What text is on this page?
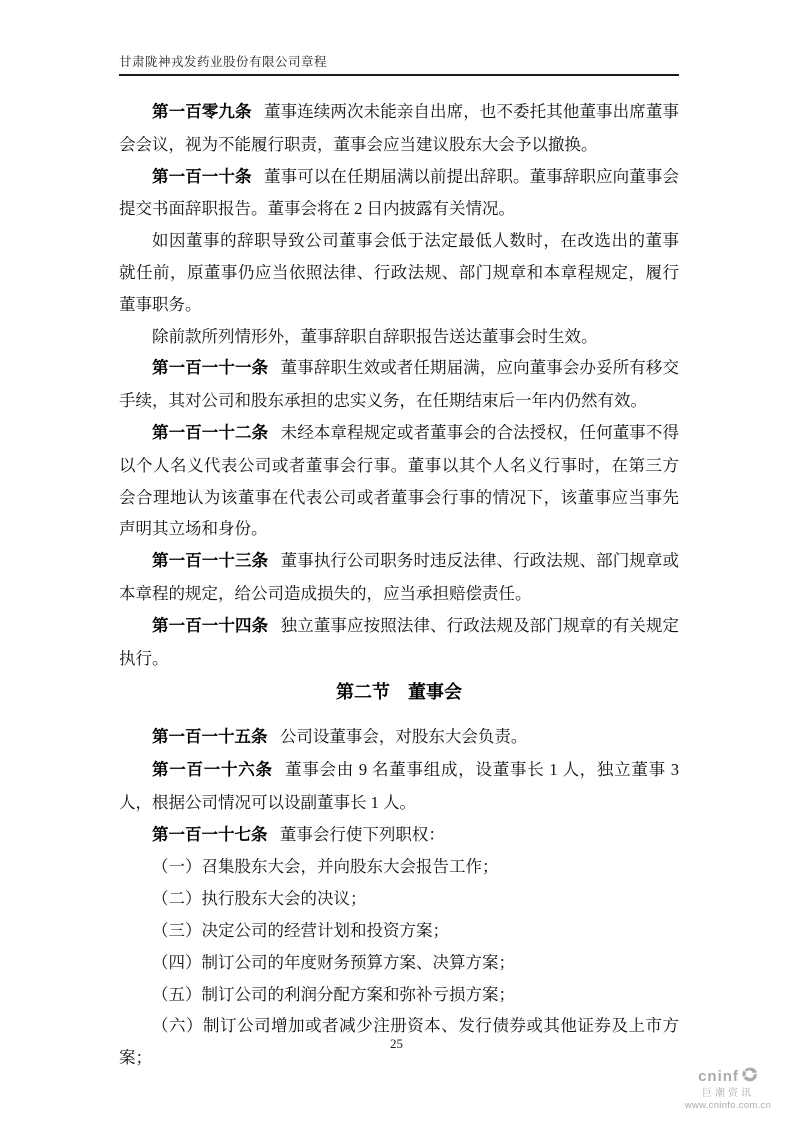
甘肃陇神戎发药业股份有限公司章程

第一百零九条 董事连续两次未能亲自出席，也不委托其他董事出席董事会会议，视为不能履行职责，董事会应当建议股东大会予以撤换。

第一百一十条 董事可以在任期届满以前提出辞职。董事辞职应向董事会提交书面辞职报告。董事会将在 2 日内披露有关情况。

如因董事的辞职导致公司董事会低于法定最低人数时，在改选出的董事就任前，原董事仍应当依照法律、行政法规、部门规章和本章程规定，履行董事职务。

除前款所列情形外，董事辞职自辞职报告送达董事会时生效。

第一百一十一条 董事辞职生效或者任期届满，应向董事会办妥所有移交手续，其对公司和股东承担的忠实义务，在任期结束后一年内仍然有效。

第一百一十二条 未经本章程规定或者董事会的合法授权，任何董事不得以个人名义代表公司或者董事会行事。董事以其个人名义行事时，在第三方会合理地认为该董事在代表公司或者董事会行事的情况下，该董事应当事先声明其立场和身份。

第一百一十三条 董事执行公司职务时违反法律、行政法规、部门规章或本章程的规定，给公司造成损失的，应当承担赔偿责任。

第一百一十四条 独立董事应按照法律、行政法规及部门规章的有关规定执行。

第二节　董事会

第一百一十五条 公司设董事会，对股东大会负责。

第一百一十六条 董事会由 9 名董事组成，设董事长 1 人，独立董事 3 人，根据公司情况可以设副董事长 1 人。

第一百一十七条 董事会行使下列职权：

（一）召集股东大会，并向股东大会报告工作；

（二）执行股东大会的决议；

（三）决定公司的经营计划和投资方案；

（四）制订公司的年度财务预算方案、决算方案；

（五）制订公司的利润分配方案和弥补亏损方案；

（六）制订公司增加或者减少注册资本、发行债券或其他证券及上市方案；

25
cninf
巨潮资讯
www.cninfo.com.cn
